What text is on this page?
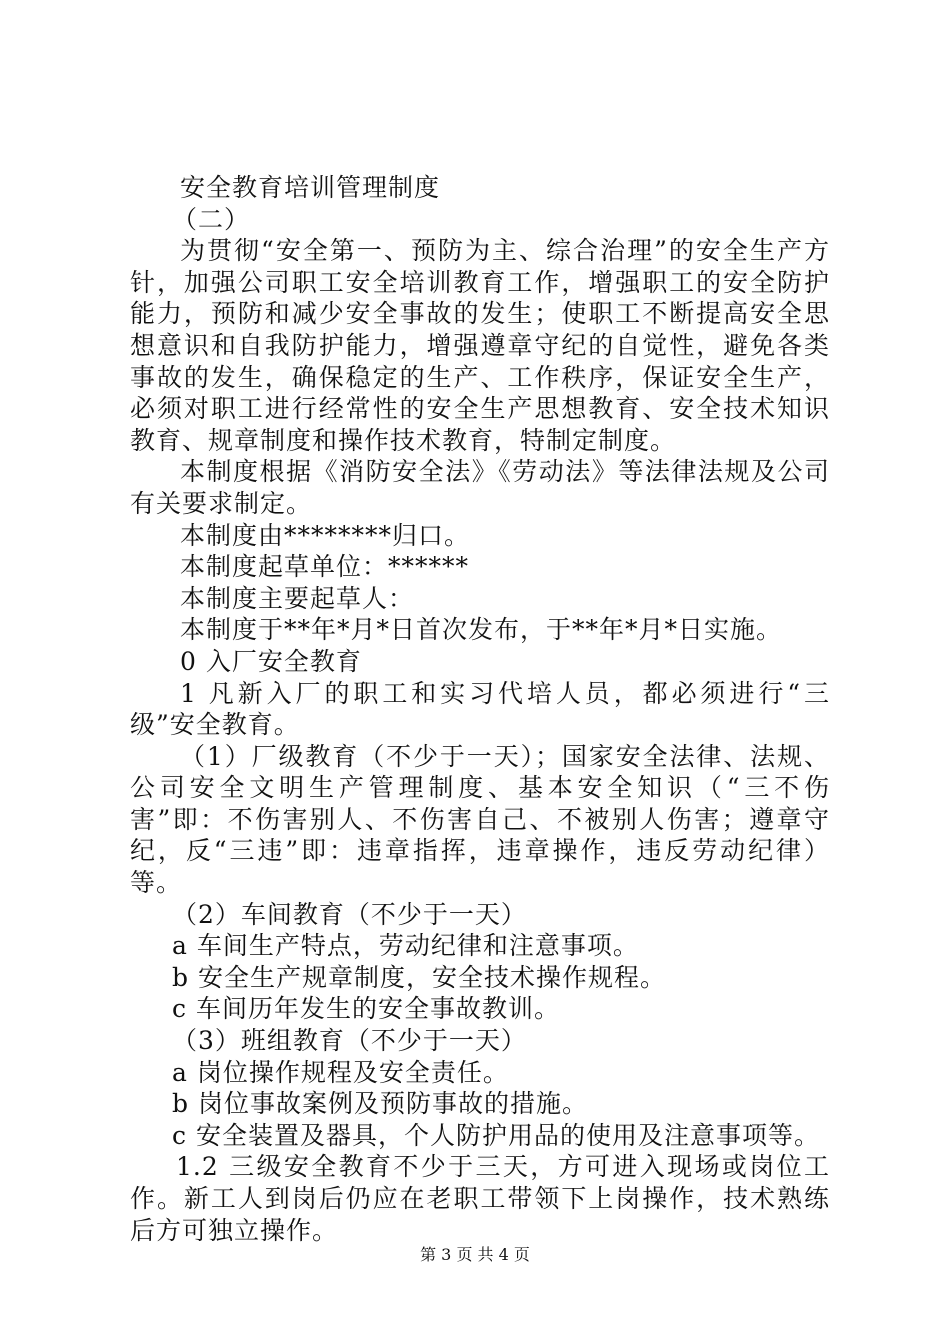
安全教育培训管理制度

（二）

为贯彻“安全第一、预防为主、综合治理”的安全生产方针，加强公司职工安全培训教育工作，增强职工的安全防护能力，预防和减少安全事故的发生；使职工不断提高安全思想意识和自我防护能力，增强遵章守纪的自觉性，避免各类事故的发生，确保稳定的生产、工作秩序，保证安全生产，必须对职工进行经常性的安全生产思想教育、安全技术知识教育、规章制度和操作技术教育，特制定制度。

本制度根据《消防安全法》《劳动法》等法律法规及公司有关要求制定。

本制度由********归口。

本制度起草单位：******

本制度主要起草人：

本制度于**年*月*日首次发布，于**年*月*日实施。

0 入厂安全教育

1 凡新入厂的职工和实习代培人员，都必须进行“三级”安全教育。

（1）厂级教育（不少于一天）；国家安全法律、法规、公司安全文明生产管理制度、基本安全知识（“三不伤害”即：不伤害别人、不伤害自己、不被别人伤害；遵章守纪，反“三违”即：违章指挥，违章操作，违反劳动纪律）等。

（2）车间教育（不少于一天）

a 车间生产特点，劳动纪律和注意事项。

b 安全生产规章制度，安全技术操作规程。

c 车间历年发生的安全事故教训。

（3）班组教育（不少于一天）

a 岗位操作规程及安全责任。

b 岗位事故案例及预防事故的措施。

c 安全装置及器具，个人防护用品的使用及注意事项等。

1.2 三级安全教育不少于三天，方可进入现场或岗位工作。新工人到岗后仍应在老职工带领下上岗操作，技术熟练后方可独立操作。

第 3 页 共 4 页
